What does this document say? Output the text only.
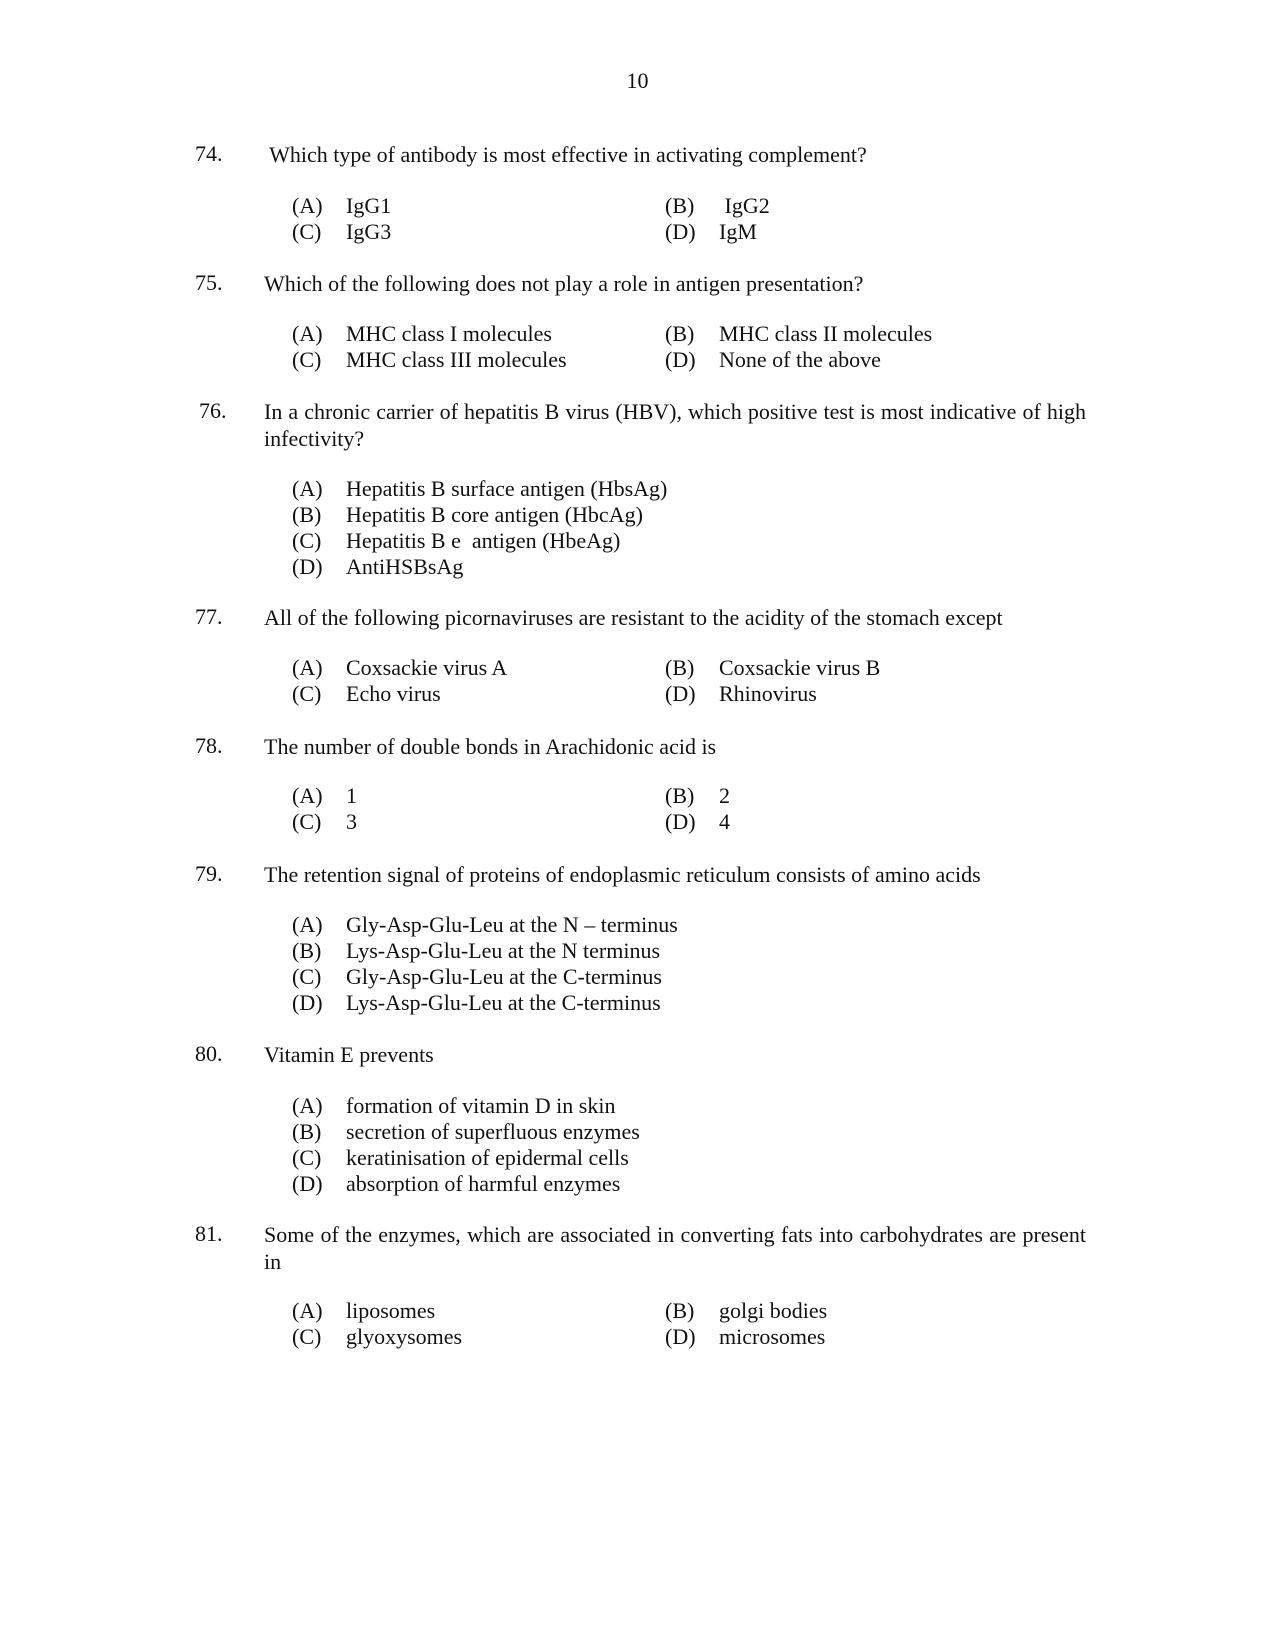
10
74. Which type of antibody is most effective in activating complement?
(A) IgG1	(B) IgG2
(C) IgG3	(D) IgM
75. Which of the following does not play a role in antigen presentation?
(A) MHC class I molecules	(B) MHC class II molecules
(C) MHC class III molecules	(D) None of the above
76. In a chronic carrier of hepatitis B virus (HBV), which positive test is most indicative of high infectivity?
(A) Hepatitis B surface antigen (HbsAg)
(B) Hepatitis B core antigen (HbcAg)
(C) Hepatitis B e  antigen (HbeAg)
(D) AntiHSBsAg
77. All of the following picornaviruses are resistant to the acidity of the stomach except
(A) Coxsackie virus A	(B) Coxsackie virus B
(C) Echo virus	(D) Rhinovirus
78. The number of double bonds in Arachidonic acid is
(A) 1	(B) 2
(C) 3	(D) 4
79. The retention signal of proteins of endoplasmic reticulum consists of amino acids
(A) Gly-Asp-Glu-Leu at the N – terminus
(B) Lys-Asp-Glu-Leu at the N terminus
(C) Gly-Asp-Glu-Leu at the C-terminus
(D) Lys-Asp-Glu-Leu at the C-terminus
80. Vitamin E prevents
(A) formation of vitamin D in skin
(B) secretion of superfluous enzymes
(C) keratinisation of epidermal cells
(D) absorption of harmful enzymes
81. Some of the enzymes, which are associated in converting fats into carbohydrates are present in
(A) liposomes	(B) golgi bodies
(C) glyoxysomes	(D) microsomes
